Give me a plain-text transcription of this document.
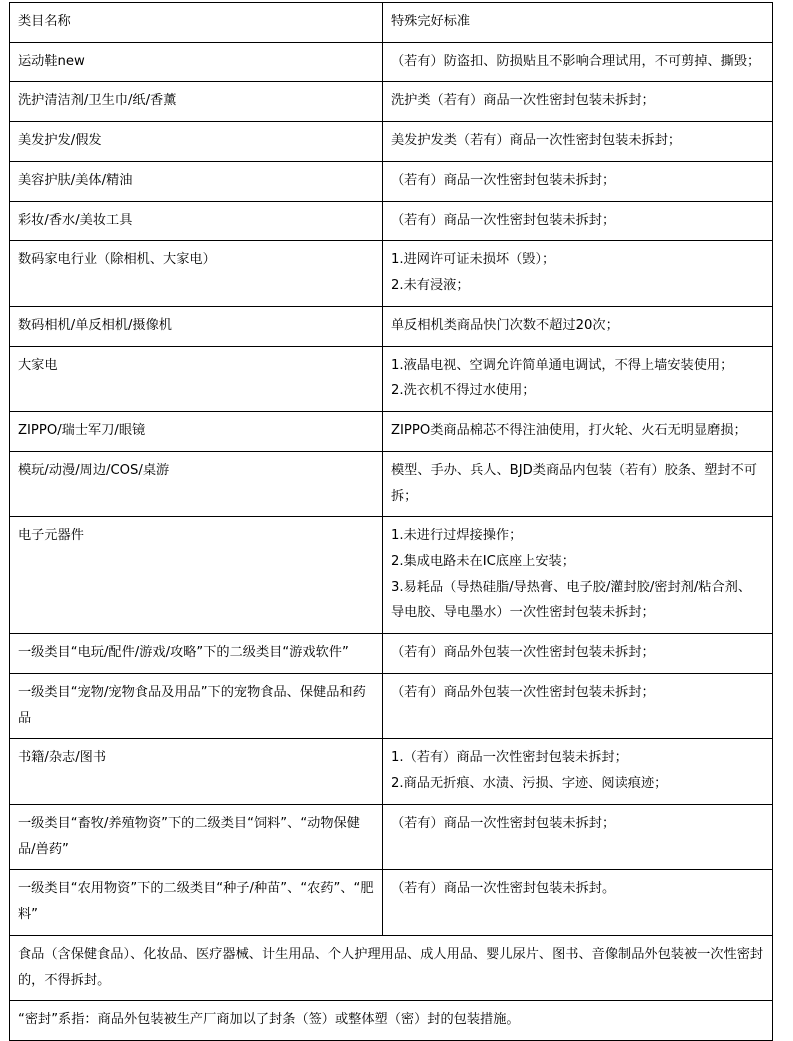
类目名称	特殊完好标准

运动鞋new	（若有）防盗扣、防损贴且不影响合理试用，不可剪掉、撕毁；

洗护清洁剂/卫生巾/纸/香薰	洗护类（若有）商品一次性密封包装未拆封；

美发护发/假发	美发护发类（若有）商品一次性密封包装未拆封；

美容护肤/美体/精油	（若有）商品一次性密封包装未拆封；

彩妆/香水/美妆工具	（若有）商品一次性密封包装未拆封；

数码家电行业（除相机、大家电）	1.进网许可证未损坏（毁）；
2.未有浸液；

数码相机/单反相机/摄像机	单反相机类商品快门次数不超过20次；

大家电	1.液晶电视、空调允许简单通电调试，不得上墙安装使用；
2.洗衣机不得过水使用；

ZIPPO/瑞士军刀/眼镜	ZIPPO类商品棉芯不得注油使用，打火轮、火石无明显磨损；

模玩/动漫/周边/COS/桌游	模型、手办、兵人、BJD类商品内包装（若有）胶条、塑封不可拆；

电子元器件	1.未进行过焊接操作；
2.集成电路未在IC底座上安装；
3.易耗品（导热硅脂/导热膏、电子胶/灌封胶/密封剂/粘合剂、导电胶、导电墨水）一次性密封包装未拆封；

一级类目“电玩/配件/游戏/攻略”下的二级类目“游戏软件”	（若有）商品外包装一次性密封包装未拆封；

一级类目“宠物/宠物食品及用品”下的宠物食品、保健品和药品	（若有）商品外包装一次性密封包装未拆封；

书籍/杂志/图书	1.（若有）商品一次性密封包装未拆封；
2.商品无折痕、水渍、污损、字迹、阅读痕迹；

一级类目“畜牧/养殖物资”下的二级类目“饲料”、“动物保健品/兽药”	（若有）商品一次性密封包装未拆封；

一级类目“农用物资”下的二级类目“种子/种苗”、“农药”、“肥料”	（若有）商品一次性密封包装未拆封。

食品（含保健食品）、化妆品、医疗器械、计生用品、个人护理用品、成人用品、婴儿尿片、图书、音像制品外包装被一次性密封的，不得拆封。	

“密封”系指：商品外包装被生产厂商加以了封条（签）或整体塑（密）封的包装措施。	
